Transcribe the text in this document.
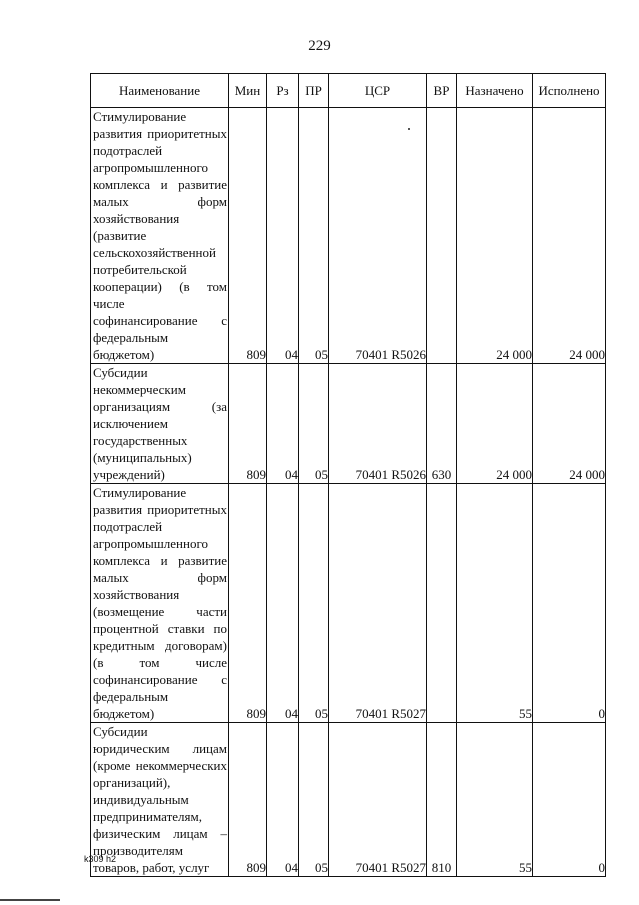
229
Наименование	Мин	Рз	ПР	ЦСР	ВР	Назначено	Исполнено
Стимулирование развития приоритетных подотраслей агропромышленного комплекса и развитие малых форм хозяйствования (развитие сельскохозяйственной потребительской кооперации) (в том числе софинансирование с федеральным бюджетом)	809	04	05	70401 R5026		24 000	24 000
Субсидии некоммерческим организациям (за исключением государственных (муниципальных) учреждений)	809	04	05	70401 R5026	630	24 000	24 000
Стимулирование развития приоритетных подотраслей агропромышленного комплекса и развитие малых форм хозяйствования (возмещение части процентной ставки по кредитным договорам) (в том числе софинансирование с федеральным бюджетом)	809	04	05	70401 R5027		55	0
Субсидии юридическим лицам (кроме некоммерческих организаций), индивидуальным предпринимателям, физическим лицам – производителям товаров, работ, услуг	809	04	05	70401 R5027	810	55	0
k309 h2
